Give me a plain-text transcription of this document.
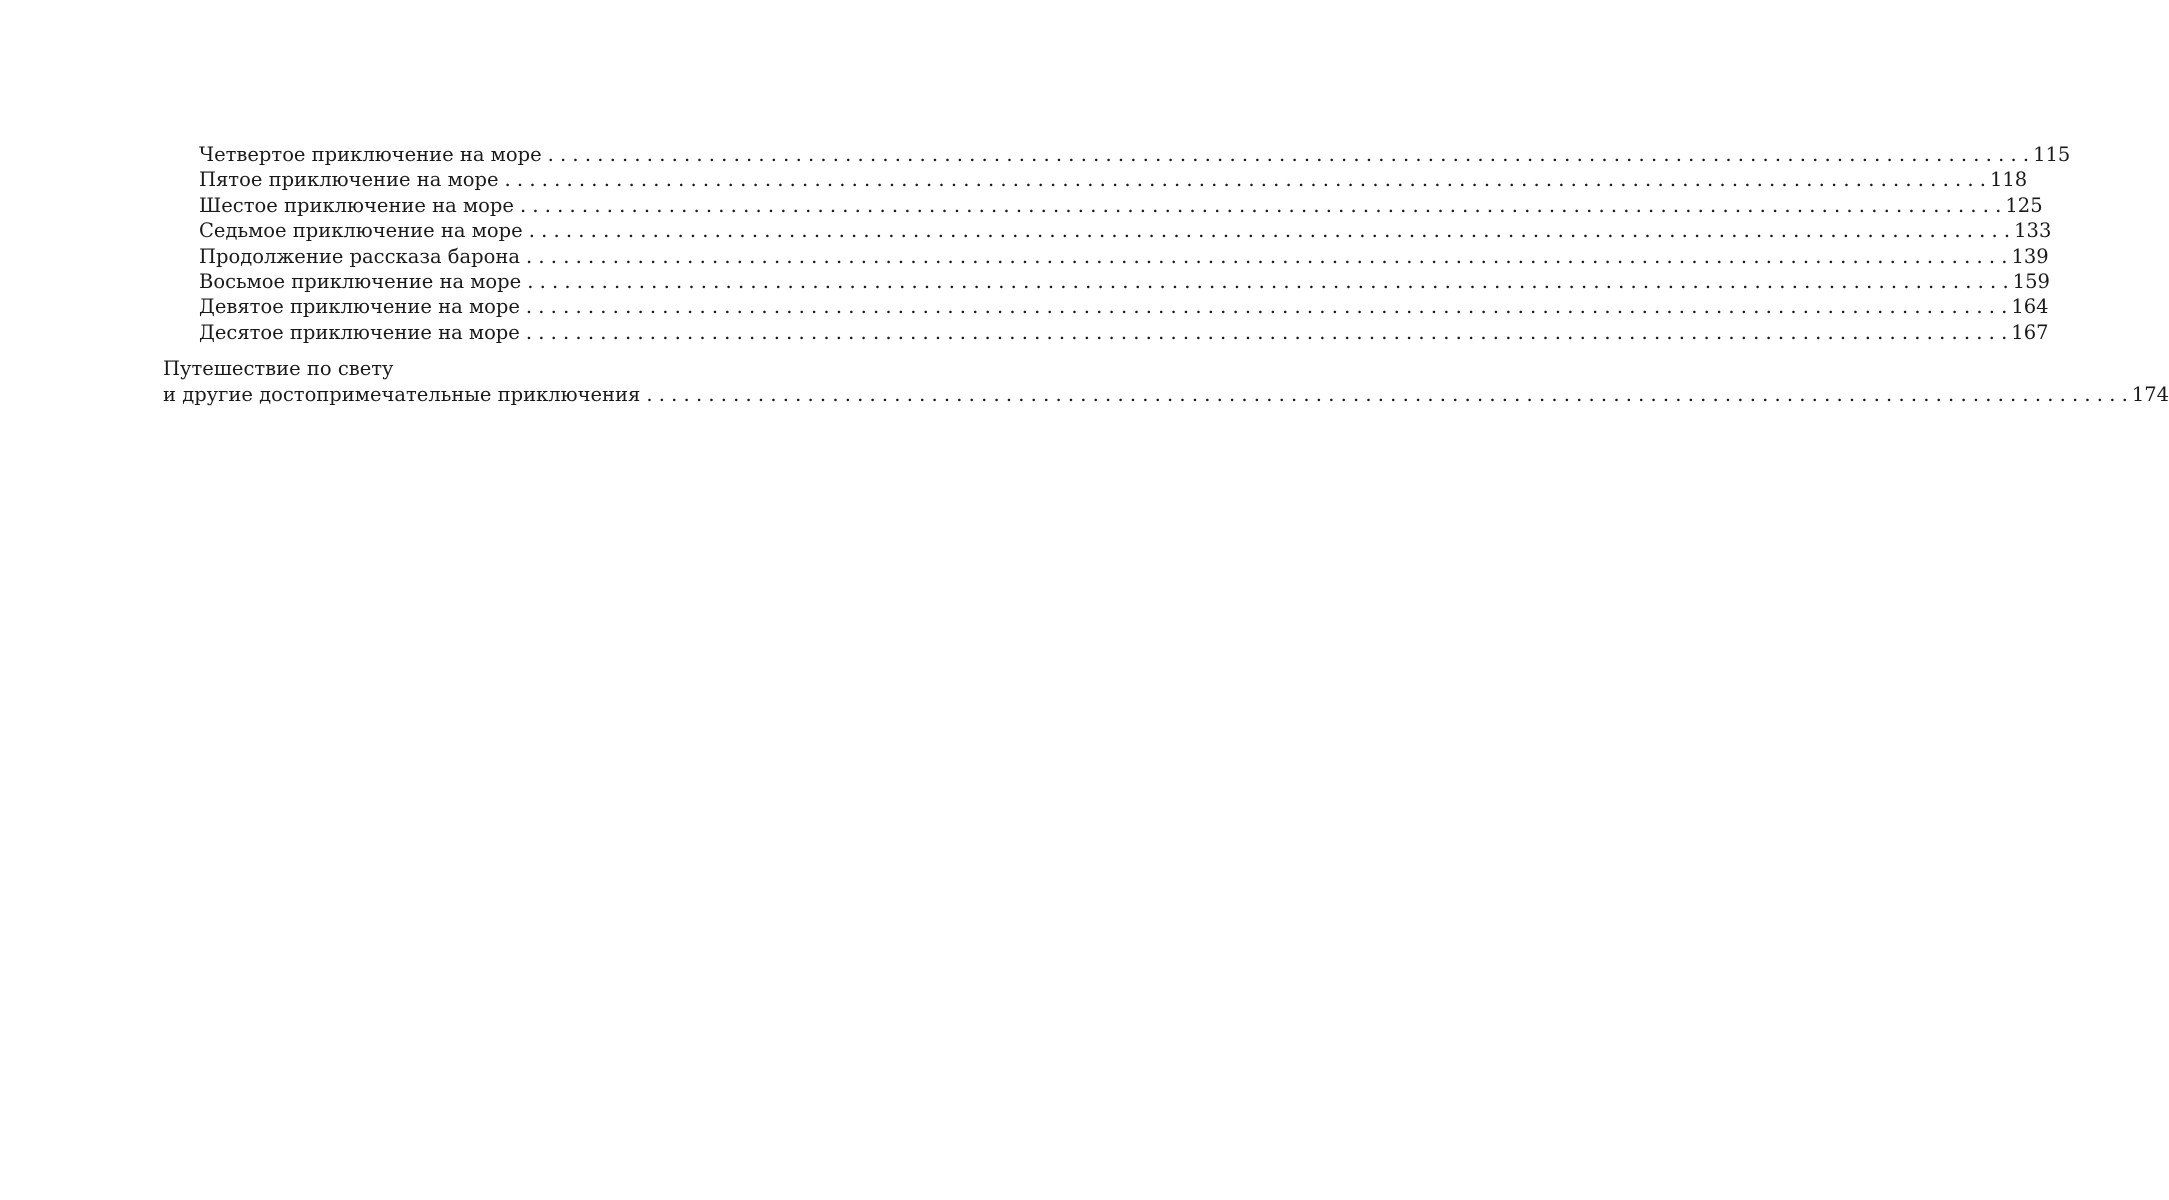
Четвертое приключение на море . . . . . . . . . . . . . . . . . . . . . . . . . . . . . . . . . . . . . . . . . . . . . . . . . . . . . . . . . . . . . . . . . . . . . . . . . . . . . . . . . . . . . . . . . . . . . . . . . . . . . . . . . . . . . . . . . . . . . . . . 115
Пятое приключение на море . . . . . . . . . . . . . . . . . . . . . . . . . . . . . . . . . . . . . . . . . . . . . . . . . . . . . . . . . . . . . . . . . . . . . . . . . . . . . . . . . . . . . . . . . . . . . . . . . . . . . . . . . . . . . . . . . . . . . . . . 118
Шестое приключение на море . . . . . . . . . . . . . . . . . . . . . . . . . . . . . . . . . . . . . . . . . . . . . . . . . . . . . . . . . . . . . . . . . . . . . . . . . . . . . . . . . . . . . . . . . . . . . . . . . . . . . . . . . . . . . . . . . . . . . . . . 125
Седьмое приключение на море . . . . . . . . . . . . . . . . . . . . . . . . . . . . . . . . . . . . . . . . . . . . . . . . . . . . . . . . . . . . . . . . . . . . . . . . . . . . . . . . . . . . . . . . . . . . . . . . . . . . . . . . . . . . . . . . . . . . . . . . 133
Продолжение рассказа барона . . . . . . . . . . . . . . . . . . . . . . . . . . . . . . . . . . . . . . . . . . . . . . . . . . . . . . . . . . . . . . . . . . . . . . . . . . . . . . . . . . . . . . . . . . . . . . . . . . . . . . . . . . . . . . . . . . . . . . . . 139
Восьмое приключение на море . . . . . . . . . . . . . . . . . . . . . . . . . . . . . . . . . . . . . . . . . . . . . . . . . . . . . . . . . . . . . . . . . . . . . . . . . . . . . . . . . . . . . . . . . . . . . . . . . . . . . . . . . . . . . . . . . . . . . . . . 159
Девятое приключение на море . . . . . . . . . . . . . . . . . . . . . . . . . . . . . . . . . . . . . . . . . . . . . . . . . . . . . . . . . . . . . . . . . . . . . . . . . . . . . . . . . . . . . . . . . . . . . . . . . . . . . . . . . . . . . . . . . . . . . . . . 164
Десятое приключение на море . . . . . . . . . . . . . . . . . . . . . . . . . . . . . . . . . . . . . . . . . . . . . . . . . . . . . . . . . . . . . . . . . . . . . . . . . . . . . . . . . . . . . . . . . . . . . . . . . . . . . . . . . . . . . . . . . . . . . . . . 167
Путешествие по свету
и другие достопримечательные приключения . . . . . . . . . . . . . . . . . . . . . . . . . . . . . . . . . . . . . . . . . . . . . . . . . . . . . . . . . . . . . . . . . . . . . . . . . . . . . . . . . . . . . . . . . . . . . . . . . . . . . . . . . . . . . . . . . . . . . . . . 174
